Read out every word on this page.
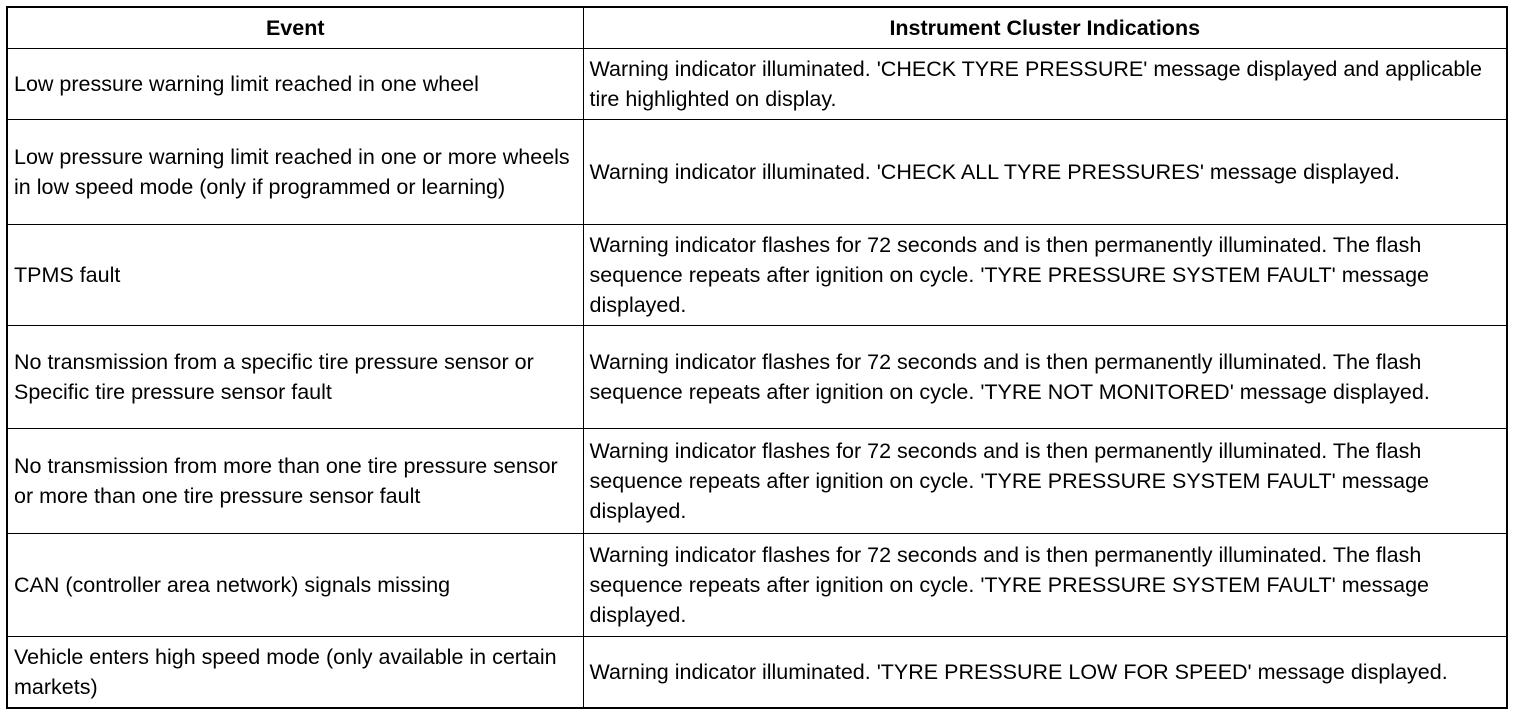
Event	Instrument Cluster Indications
Low pressure warning limit reached in one wheel	Warning indicator illuminated. 'CHECK TYRE PRESSURE' message displayed and applicable tire highlighted on display.
Low pressure warning limit reached in one or more wheels in low speed mode (only if programmed or learning)	Warning indicator illuminated. 'CHECK ALL TYRE PRESSURES' message displayed.
TPMS fault	Warning indicator flashes for 72 seconds and is then permanently illuminated. The flash sequence repeats after ignition on cycle. 'TYRE PRESSURE SYSTEM FAULT' message displayed.
No transmission from a specific tire pressure sensor or Specific tire pressure sensor fault	Warning indicator flashes for 72 seconds and is then permanently illuminated. The flash sequence repeats after ignition on cycle. 'TYRE NOT MONITORED' message displayed.
No transmission from more than one tire pressure sensor or more than one tire pressure sensor fault	Warning indicator flashes for 72 seconds and is then permanently illuminated. The flash sequence repeats after ignition on cycle. 'TYRE PRESSURE SYSTEM FAULT' message displayed.
CAN (controller area network) signals missing	Warning indicator flashes for 72 seconds and is then permanently illuminated. The flash sequence repeats after ignition on cycle. 'TYRE PRESSURE SYSTEM FAULT' message displayed.
Vehicle enters high speed mode (only available in certain markets)	Warning indicator illuminated. 'TYRE PRESSURE LOW FOR SPEED' message displayed.
